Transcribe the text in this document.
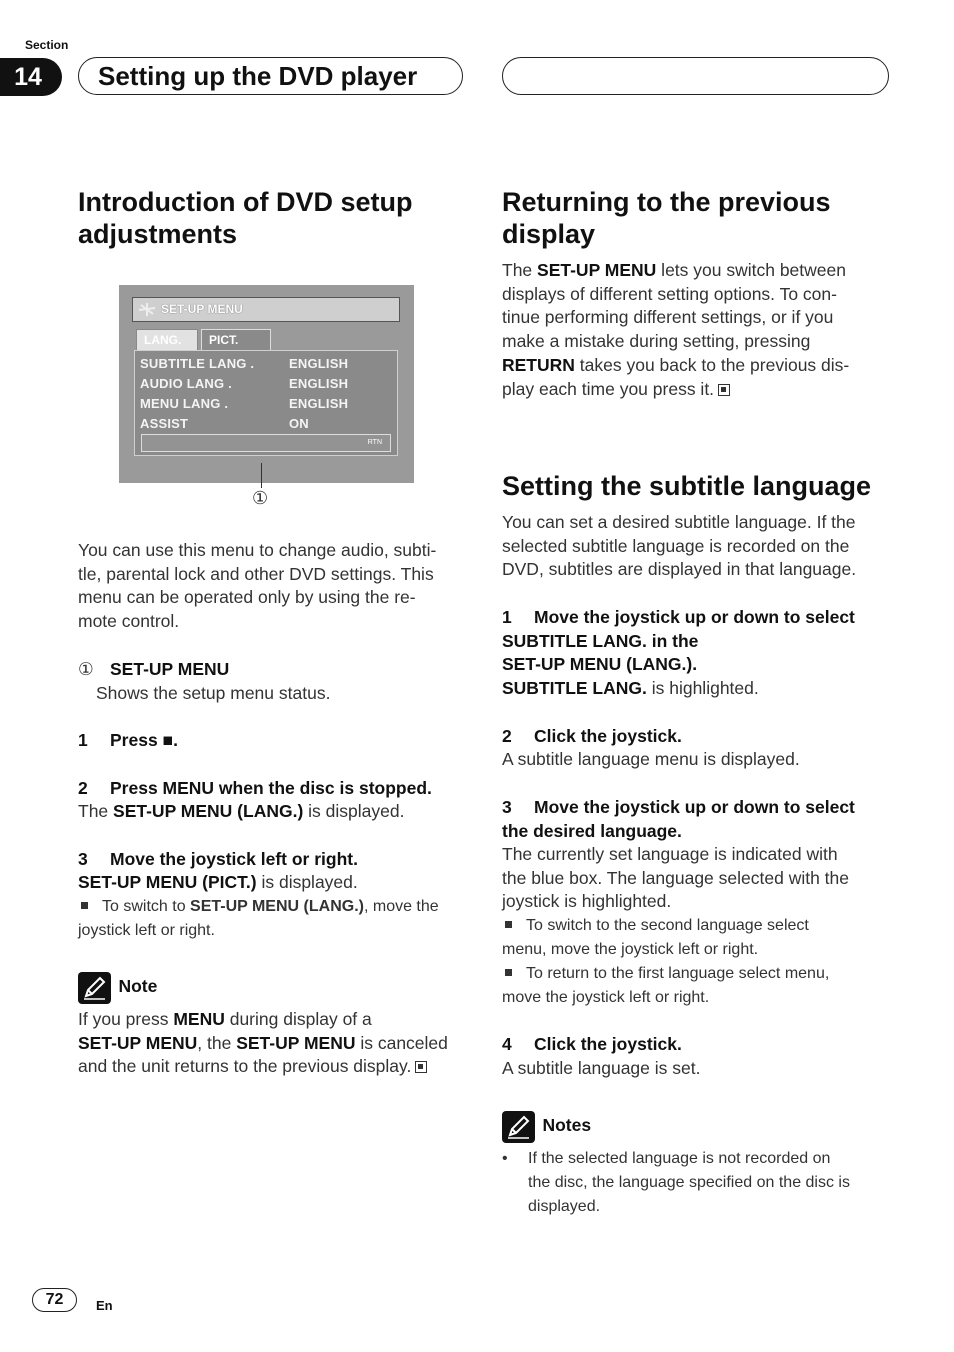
Section
14	Setting up the DVD player
Introduction of DVD setup
adjustments
SET-UP MENU
LANG.	PICT.
SUBTITLE LANG .	ENGLISH
AUDIO LANG .	ENGLISH
MENU LANG .	ENGLISH
ASSIST	ON
RTN
①
You can use this menu to change audio, subti-
tle, parental lock and other DVD settings. This
menu can be operated only by using the re-
mote control.
① SET-UP MENU
Shows the setup menu status.
1 Press ■.
2 Press MENU when the disc is stopped.
The SET-UP MENU (LANG.) is displayed.
3 Move the joystick left or right.
SET-UP MENU (PICT.) is displayed.
To switch to SET-UP MENU (LANG.), move the
joystick left or right.
Note
If you press MENU during display of a
SET-UP MENU, the SET-UP MENU is canceled
and the unit returns to the previous display.
Returning to the previous
display
The SET-UP MENU lets you switch between
displays of different setting options. To con-
tinue performing different settings, or if you
make a mistake during setting, pressing
RETURN takes you back to the previous dis-
play each time you press it.
Setting the subtitle language
You can set a desired subtitle language. If the
selected subtitle language is recorded on the
DVD, subtitles are displayed in that language.
1 Move the joystick up or down to select
SUBTITLE LANG. in the
SET-UP MENU (LANG.).
SUBTITLE LANG. is highlighted.
2 Click the joystick.
A subtitle language menu is displayed.
3 Move the joystick up or down to select
the desired language.
The currently set language is indicated with
the blue box. The language selected with the
joystick is highlighted.
To switch to the second language select
menu, move the joystick left or right.
To return to the first language select menu,
move the joystick left or right.
4 Click the joystick.
A subtitle language is set.
Notes
• If the selected language is not recorded on
the disc, the language specified on the disc is
displayed.
72	En
